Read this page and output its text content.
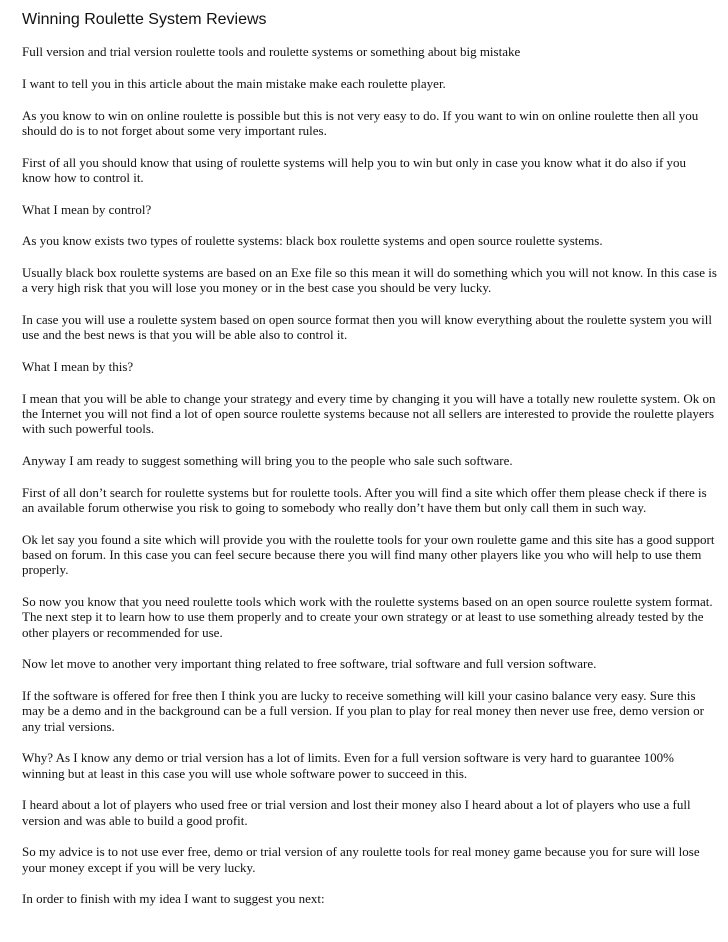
Winning Roulette System Reviews

Full version and trial version roulette tools and roulette systems or something about big mistake

I want to tell you in this article about the main mistake make each roulette player.

As you know to win on online roulette is possible but this is not very easy to do. If you want to win on online roulette then all you should do is to not forget about some very important rules.

First of all you should know that using of roulette systems will help you to win but only in case you know what it do also if you know how to control it.

What I mean by control?

As you know exists two types of roulette systems: black box roulette systems and open source roulette systems.

Usually black box roulette systems are based on an Exe file so this mean it will do something which you will not know. In this case is a very high risk that you will lose you money or in the best case you should be very lucky.

In case you will use a roulette system based on open source format then you will know everything about the roulette system you will use and the best news is that you will be able also to control it.

What I mean by this?

I mean that you will be able to change your strategy and every time by changing it you will have a totally new roulette system. Ok on the Internet you will not find a lot of open source roulette systems because not all sellers are interested to provide the roulette players with such powerful tools.

Anyway I am ready to suggest something will bring you to the people who sale such software.

First of all don’t search for roulette systems but for roulette tools. After you will find a site which offer them please check if there is an available forum otherwise you risk to going to somebody who really don’t have them but only call them in such way.

Ok let say you found a site which will provide you with the roulette tools for your own roulette game and this site has a good support based on forum. In this case you can feel secure because there you will find many other players like you who will help to use them properly.

So now you know that you need roulette tools which work with the roulette systems based on an open source roulette system format. The next step it to learn how to use them properly and to create your own strategy or at least to use something already tested by the other players or recommended for use.

Now let move to another very important thing related to free software, trial software and full version software.

If the software is offered for free then I think you are lucky to receive something will kill your casino balance very easy. Sure this may be a demo and in the background can be a full version. If you plan to play for real money then never use free, demo version or any trial versions.

Why? As I know any demo or trial version has a lot of limits. Even for a full version software is very hard to guarantee 100% winning but at least in this case you will use whole software power to succeed in this.

I heard about a lot of players who used free or trial version and lost their money also I heard about a lot of players who use a full version and was able to build a good profit.

So my advice is to not use ever free, demo or trial version of any roulette tools for real money game because you for sure will lose your money except if you will be very lucky.

In order to finish with my idea I want to suggest you next:
